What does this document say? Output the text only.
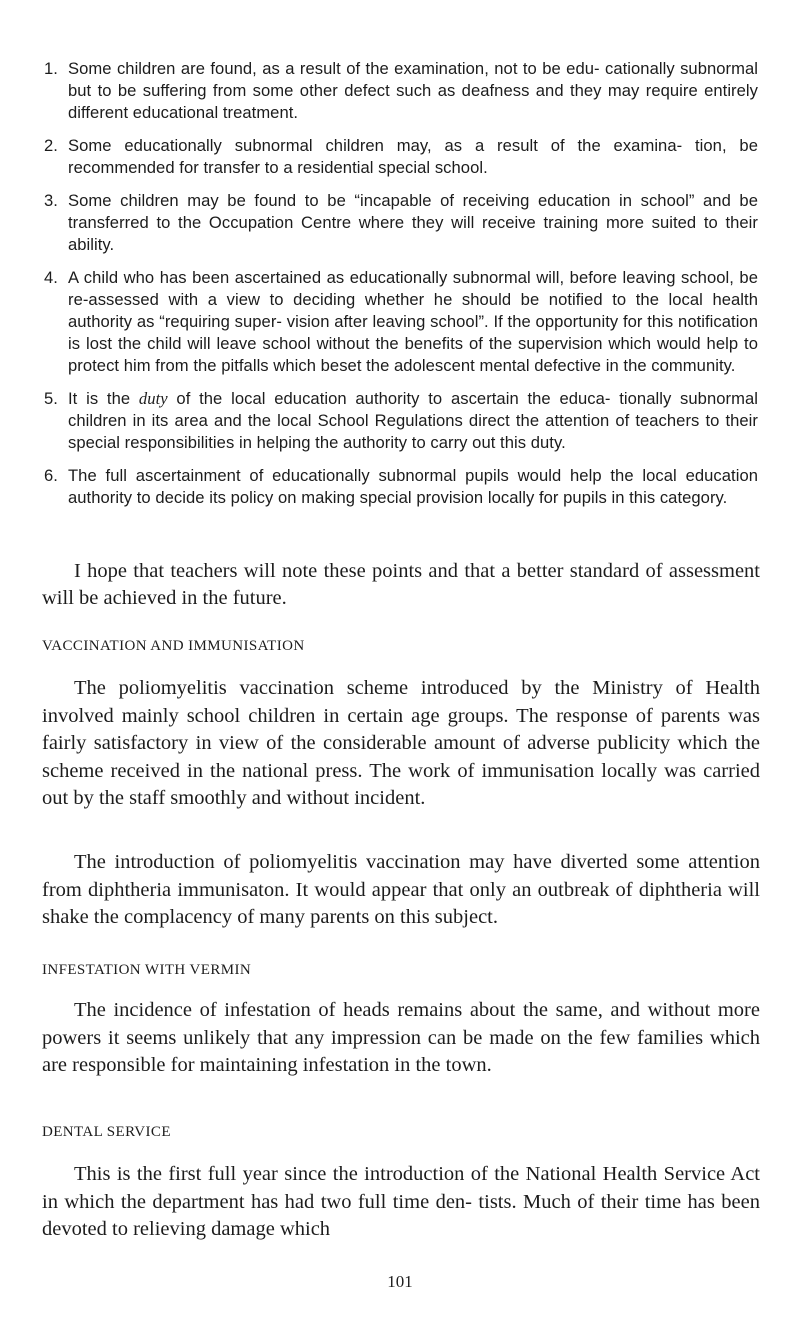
1. Some children are found, as a result of the examination, not to be edu- cationally subnormal but to be suffering from some other defect such as deafness and they may require entirely different educational treatment.
2. Some educationally subnormal children may, as a result of the examina- tion, be recommended for transfer to a residential special school.
3. Some children may be found to be “incapable of receiving education in school” and be transferred to the Occupation Centre where they will receive training more suited to their ability.
4. A child who has been ascertained as educationally subnormal will, before leaving school, be re-assessed with a view to deciding whether he should be notified to the local health authority as “requiring super- vision after leaving school”. If the opportunity for this notification is lost the child will leave school without the benefits of the supervision which would help to protect him from the pitfalls which beset the adolescent mental defective in the community.
5. It is the duty of the local education authority to ascertain the educa- tionally subnormal children in its area and the local School Regulations direct the attention of teachers to their special responsibilities in helping the authority to carry out this duty.
6. The full ascertainment of educationally subnormal pupils would help the local education authority to decide its policy on making special provision locally for pupils in this category.

I hope that teachers will note these points and that a better standard of assessment will be achieved in the future.

VACCINATION AND IMMUNISATION

The poliomyelitis vaccination scheme introduced by the Ministry of Health involved mainly school children in certain age groups. The response of parents was fairly satisfactory in view of the considerable amount of adverse publicity which the scheme received in the national press. The work of immunisation locally was carried out by the staff smoothly and without incident.

The introduction of poliomyelitis vaccination may have diverted some attention from diphtheria immunisaton. It would appear that only an outbreak of diphtheria will shake the complacency of many parents on this subject.

INFESTATION WITH VERMIN

The incidence of infestation of heads remains about the same, and without more powers it seems unlikely that any impression can be made on the few families which are responsible for maintaining infestation in the town.

DENTAL SERVICE

This is the first full year since the introduction of the National Health Service Act in which the department has had two full time den- tists. Much of their time has been devoted to relieving damage which

101
